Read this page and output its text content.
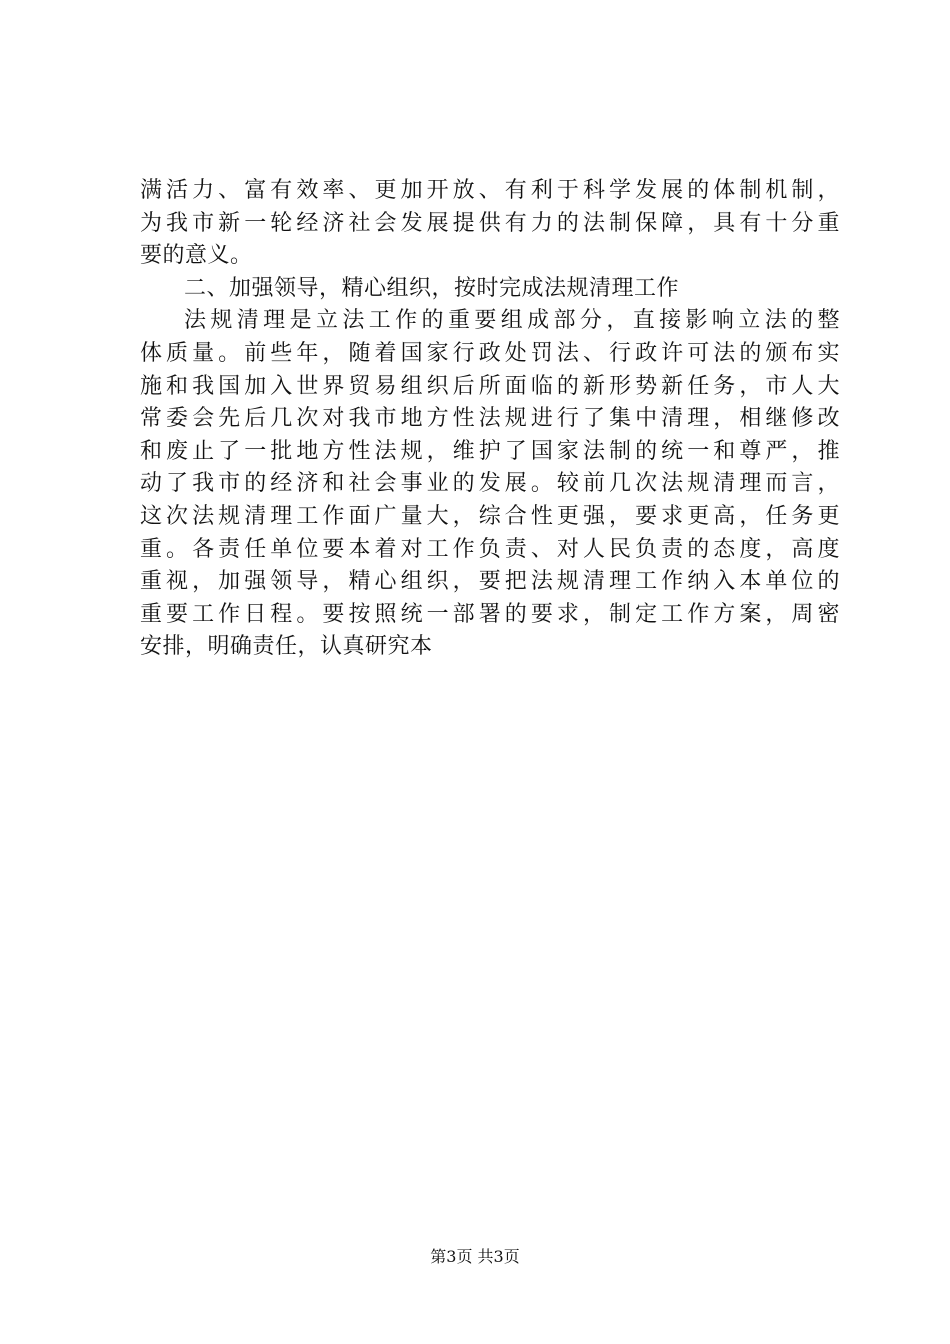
满活力、富有效率、更加开放、有利于科学发展的体制机制，
为我市新一轮经济社会发展提供有力的法制保障，具有十分重
要的意义。
二、加强领导，精心组织，按时完成法规清理工作
法规清理是立法工作的重要组成部分，直接影响立法的整
体质量。前些年，随着国家行政处罚法、行政许可法的颁布实
施和我国加入世界贸易组织后所面临的新形势新任务，市人大
常委会先后几次对我市地方性法规进行了集中清理，相继修改
和废止了一批地方性法规，维护了国家法制的统一和尊严，推
动了我市的经济和社会事业的发展。较前几次法规清理而言，
这次法规清理工作面广量大，综合性更强，要求更高，任务更
重。各责任单位要本着对工作负责、对人民负责的态度，高度
重视，加强领导，精心组织，要把法规清理工作纳入本单位的
重要工作日程。要按照统一部署的要求，制定工作方案，周密
安排，明确责任，认真研究本
第3页 共3页
